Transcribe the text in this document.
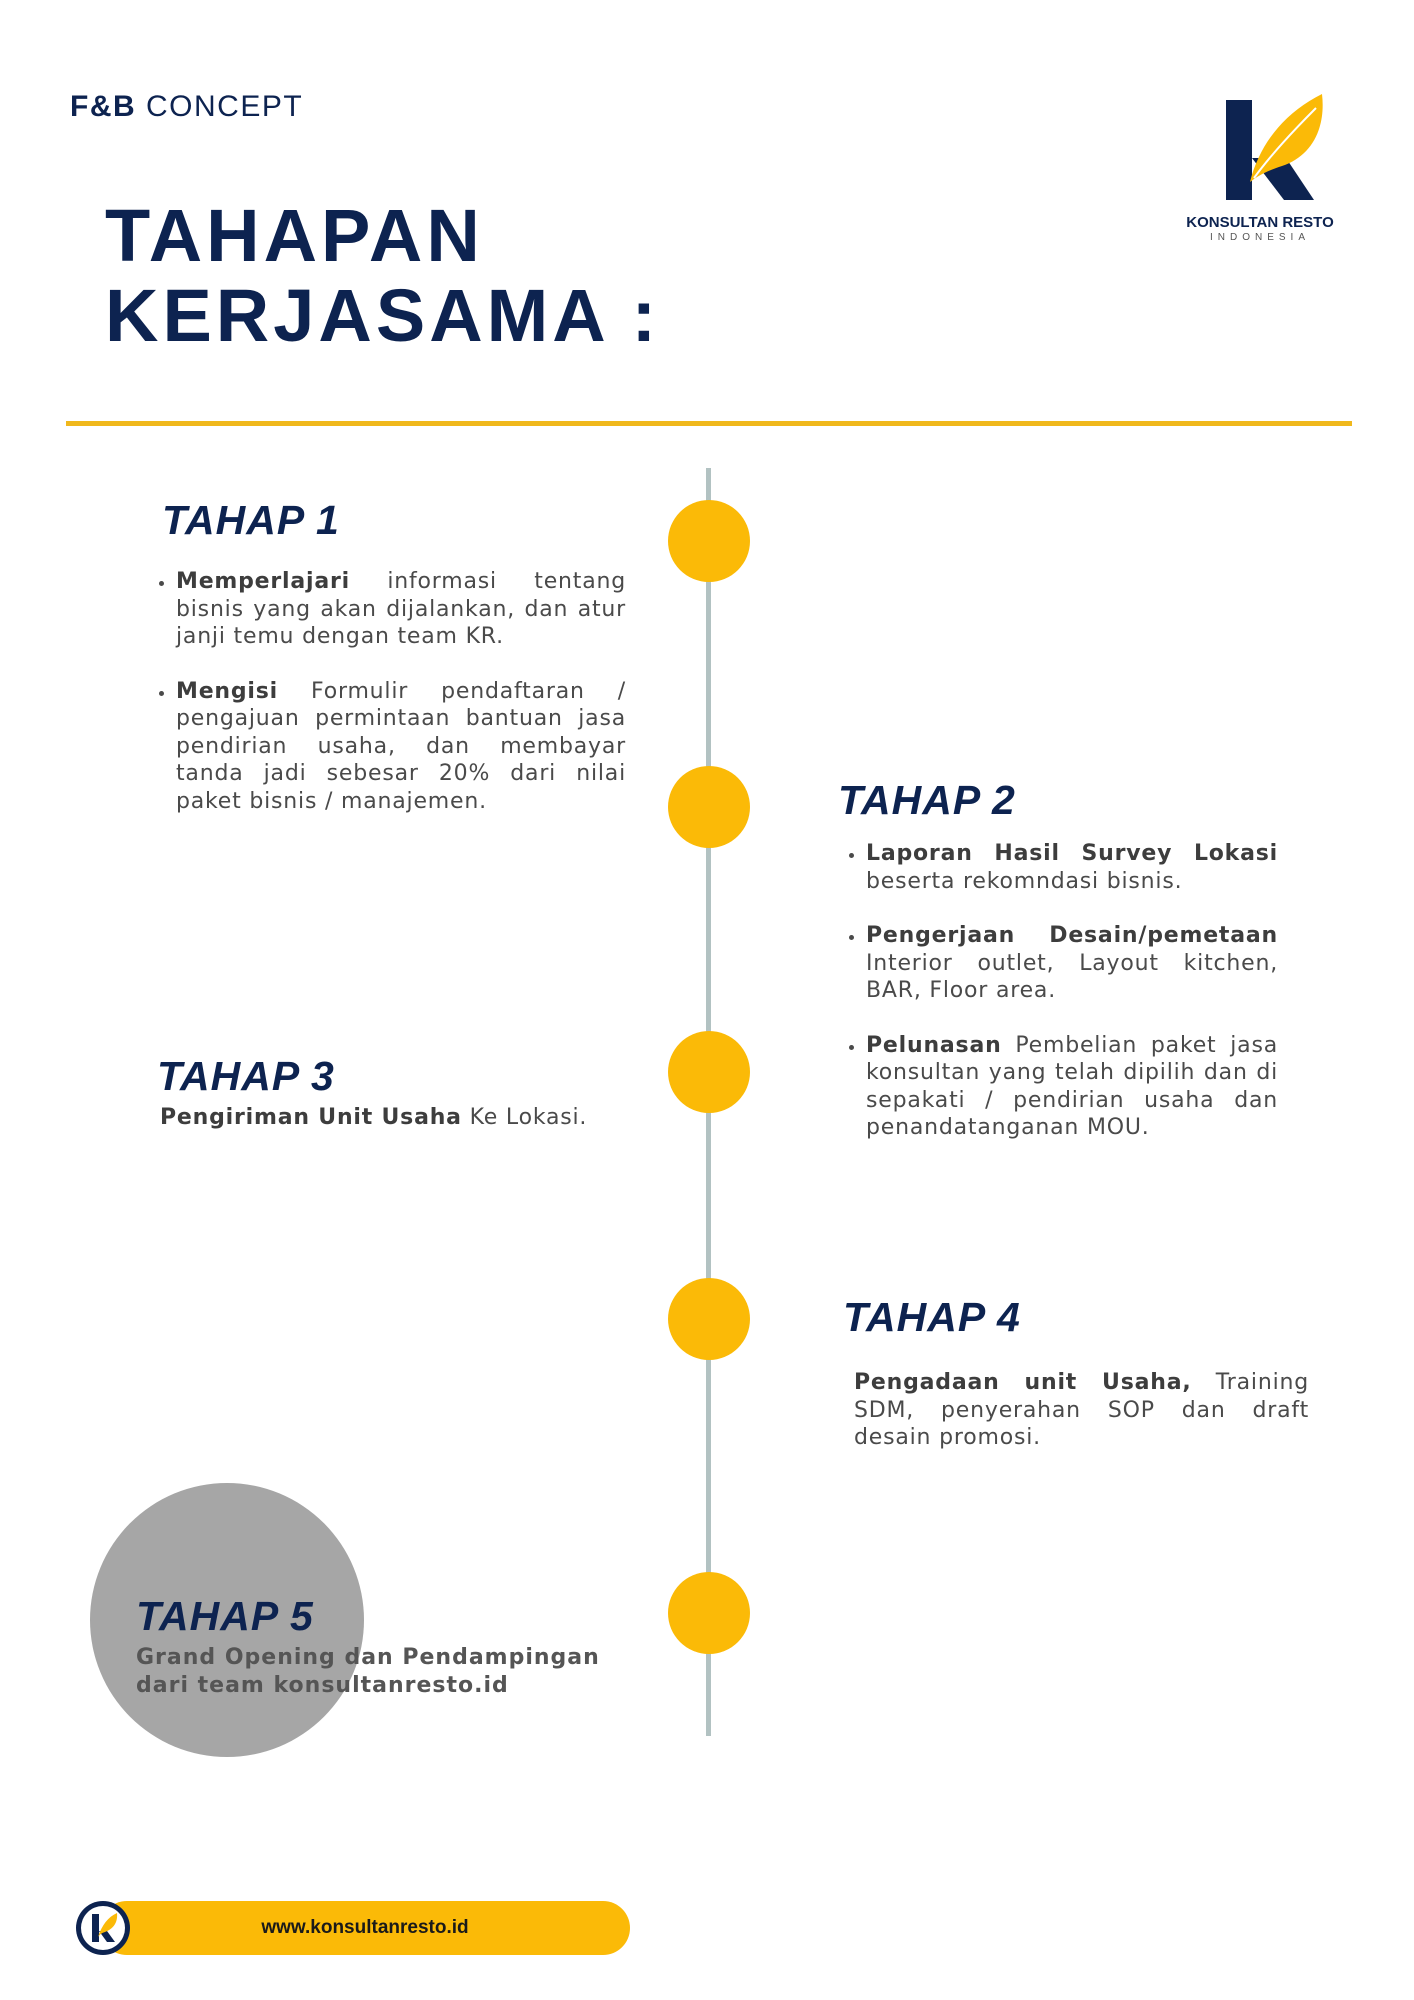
F&B CONCEPT
TAHAPAN
KERJASAMA :
KONSULTAN RESTO
INDONESIA
TAHAP 1
• Memperlajari informasi tentang bisnis yang akan dijalankan, dan atur janji temu dengan team KR.
• Mengisi Formulir pendaftaran / pengajuan permintaan bantuan jasa pendirian usaha, dan membayar tanda jadi sebesar 20% dari nilai paket bisnis / manajemen.	TAHAP 2
• Laporan Hasil Survey Lokasi beserta rekomndasi bisnis.
• Pengerjaan Desain/pemetaan Interior outlet, Layout kitchen, BAR, Floor area.
• Pelunasan Pembelian paket jasa konsultan yang telah dipilih dan di sepakati / pendirian usaha dan penandatanganan MOU.
TAHAP 3
Pengiriman Unit Usaha Ke Lokasi.
TAHAP 4
Pengadaan unit Usaha, Training SDM, penyerahan SOP dan draft desain promosi.
TAHAP 5
Grand Opening dan Pendampingan
dari team konsultanresto.id
www.konsultanresto.id
